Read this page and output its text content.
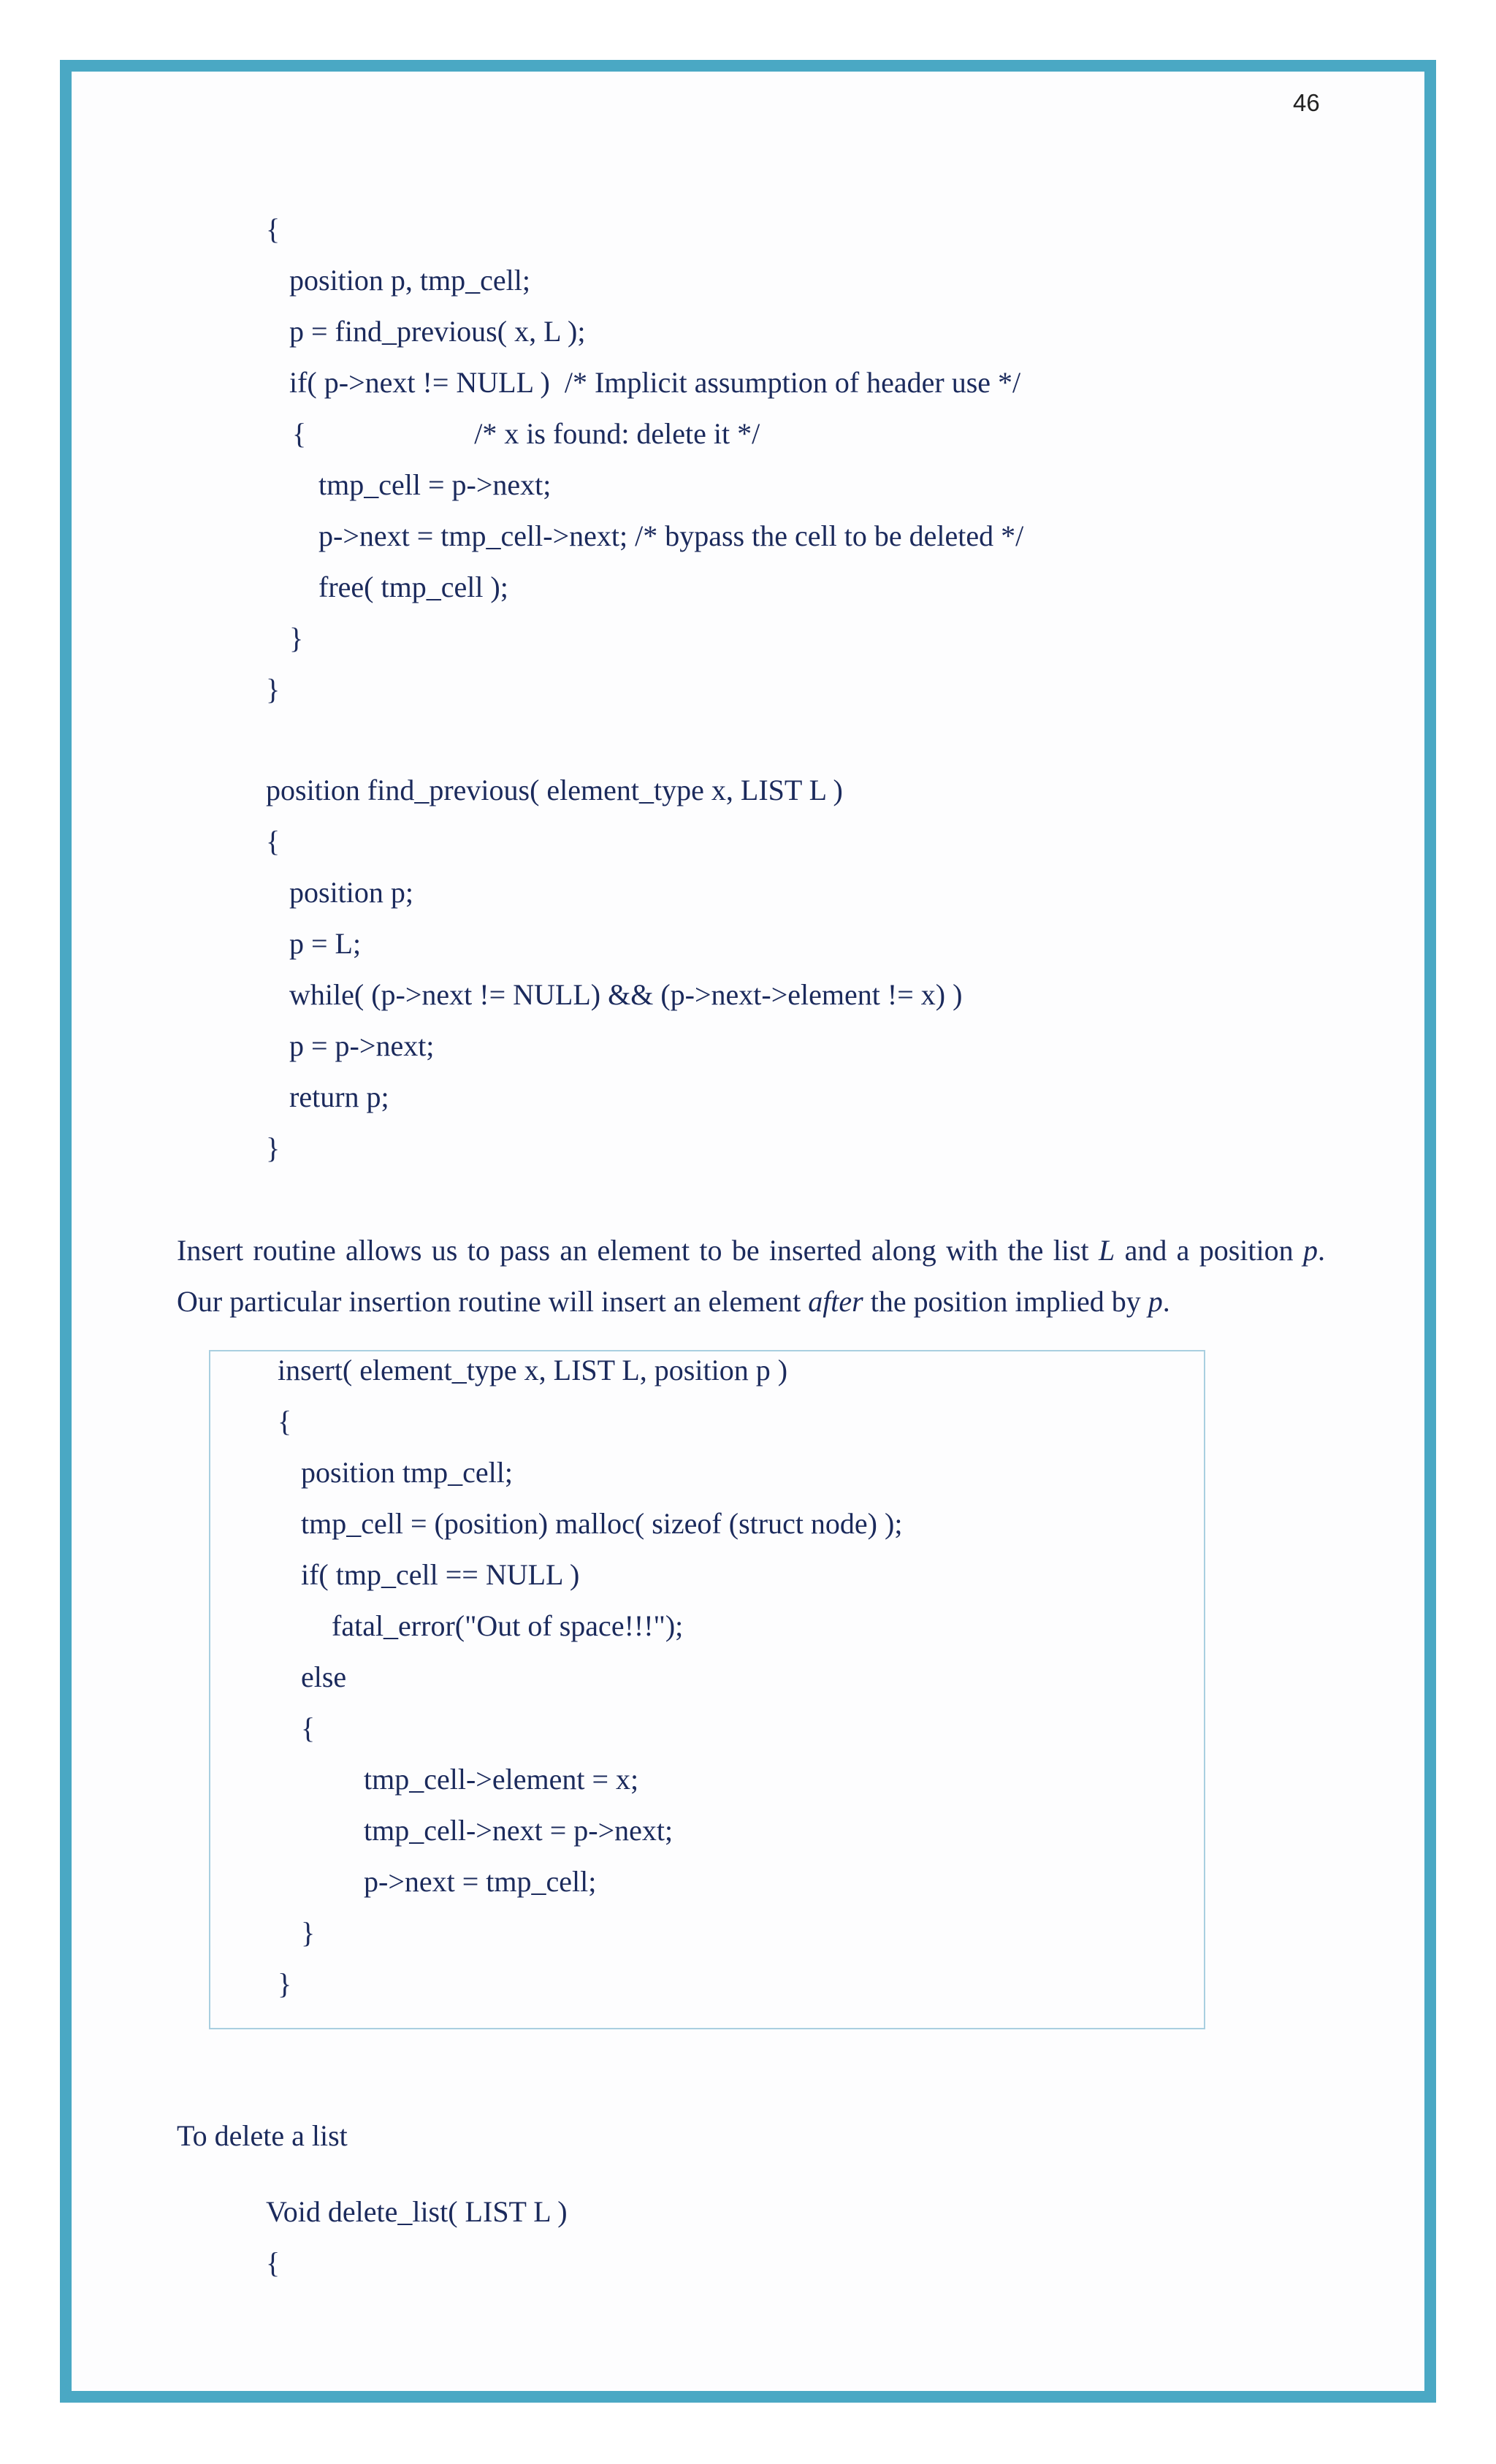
46
{
position p, tmp_cell;
p = find_previous( x, L );
if( p->next != NULL )  /* Implicit assumption of header use */
{                       /* x is found: delete it */
tmp_cell = p->next;
p->next = tmp_cell->next; /* bypass the cell to be deleted */
free( tmp_cell );
}
}
position find_previous( element_type x, LIST L )
{
position p;
p = L;
while( (p->next != NULL) && (p->next->element != x) )
p = p->next;
return p;
}
Insert routine allows us to pass an element to be inserted along with the list L and a position p.
Our particular insertion routine will insert an element after the position implied by p.
insert( element_type x, LIST L, position p )
{
position tmp_cell;
tmp_cell = (position) malloc( sizeof (struct node) );
if( tmp_cell == NULL )
fatal_error("Out of space!!!");
else
{
tmp_cell->element = x;
tmp_cell->next = p->next;
p->next = tmp_cell;
}
}
To delete a list
Void delete_list( LIST L )
{
